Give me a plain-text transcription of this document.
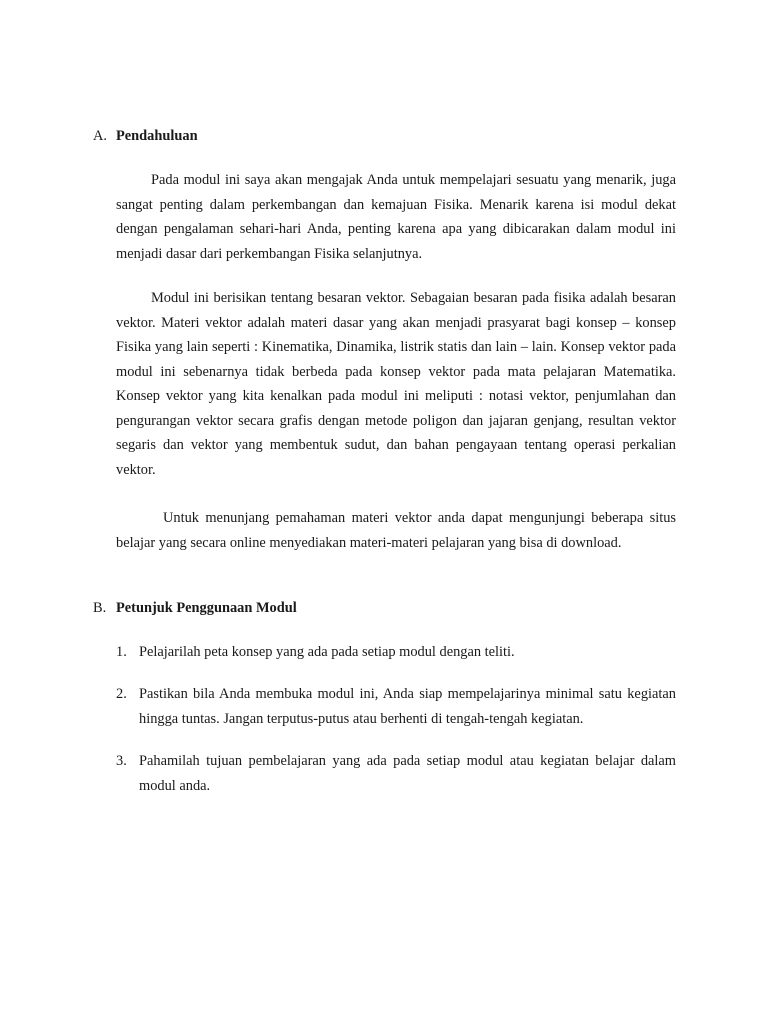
A. Pendahuluan

Pada modul ini saya akan mengajak Anda untuk mempelajari sesuatu yang menarik, juga sangat penting dalam perkembangan dan kemajuan Fisika. Menarik karena isi modul dekat dengan pengalaman sehari-hari Anda, penting karena apa yang dibicarakan dalam modul ini menjadi dasar dari perkembangan Fisika selanjutnya.

Modul ini berisikan tentang besaran vektor. Sebagaian besaran pada fisika adalah besaran vektor. Materi vektor adalah materi dasar yang akan menjadi prasyarat bagi konsep – konsep Fisika yang lain seperti : Kinematika, Dinamika, listrik statis dan lain – lain. Konsep vektor pada modul ini sebenarnya tidak berbeda pada konsep vektor pada mata pelajaran Matematika. Konsep vektor yang kita kenalkan pada modul ini meliputi : notasi vektor, penjumlahan dan pengurangan vektor secara grafis dengan metode poligon dan jajaran genjang, resultan vektor segaris dan vektor yang membentuk sudut, dan bahan pengayaan tentang operasi perkalian vektor.

Untuk menunjang pemahaman materi vektor anda dapat mengunjungi beberapa situs belajar yang secara online menyediakan materi-materi pelajaran yang bisa di download.

B. Petunjuk Penggunaan Modul
1. Pelajarilah peta konsep yang ada pada setiap modul dengan teliti.
2. Pastikan bila Anda membuka modul ini, Anda siap mempelajarinya minimal satu kegiatan hingga tuntas. Jangan terputus-putus atau berhenti di tengah-tengah kegiatan.
3. Pahamilah tujuan pembelajaran yang ada pada setiap modul atau kegiatan belajar dalam modul anda.
